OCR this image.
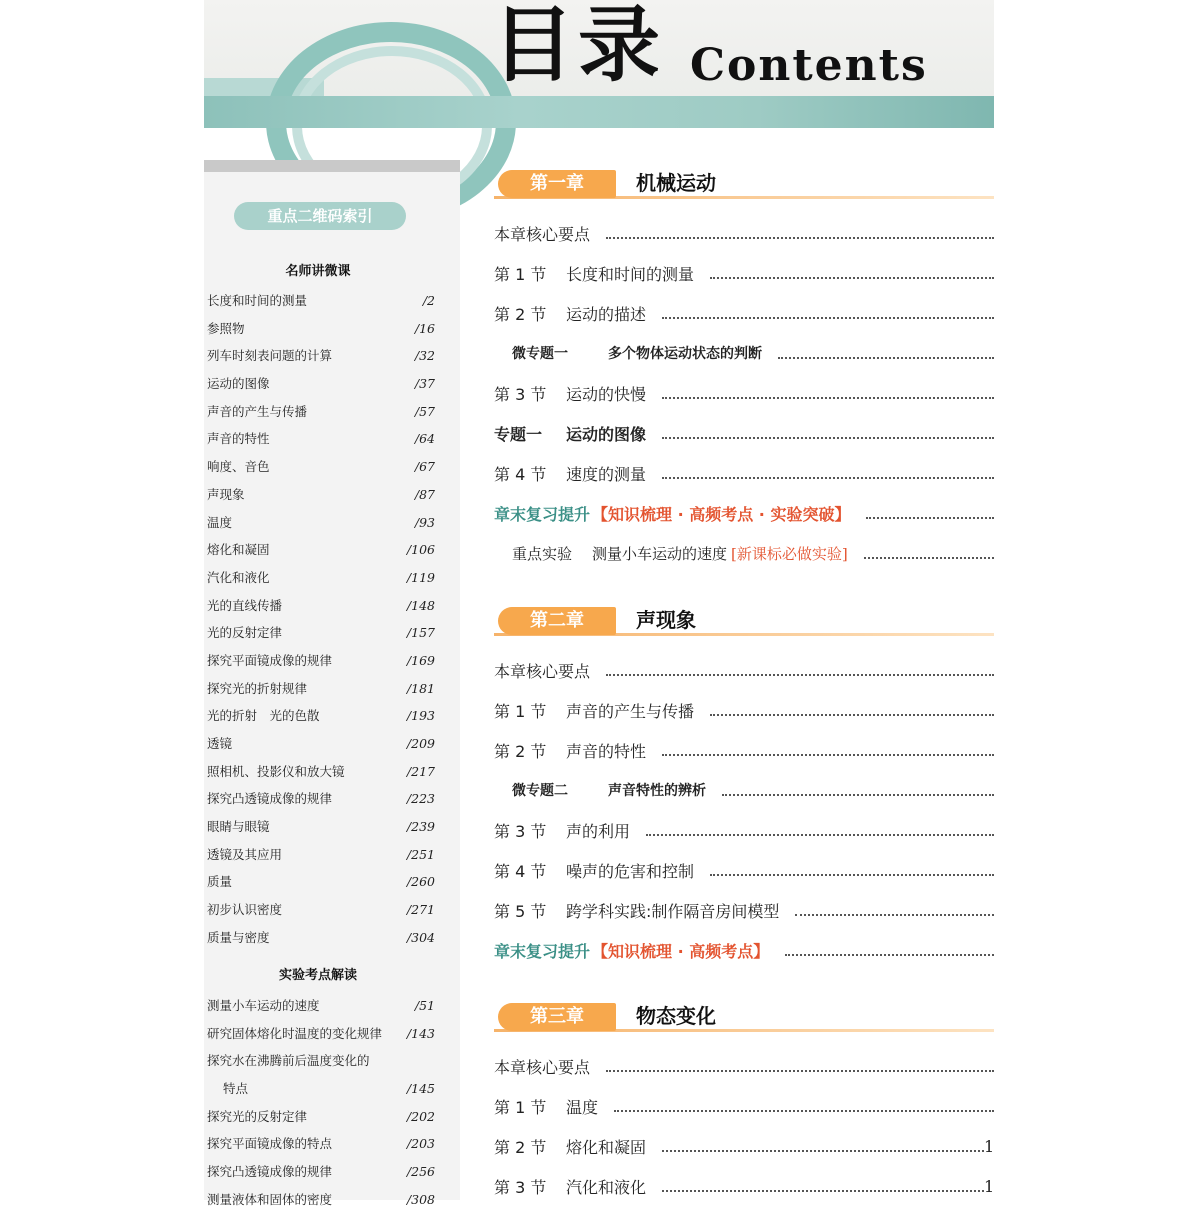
目录 Contents
重点二维码索引
名师讲微课
长度和时间的测量	/2
参照物	/16
列车时刻表问题的计算	/32
运动的图像	/37
声音的产生与传播	/57
声音的特性	/64
响度、音色	/67
声现象	/87
温度	/93
熔化和凝固	/106
汽化和液化	/119
光的直线传播	/148
光的反射定律	/157
探究平面镜成像的规律	/169
探究光的折射规律	/181
光的折射　光的色散	/193
透镜	/209
照相机、投影仪和放大镜	/217
探究凸透镜成像的规律	/223
眼睛与眼镜	/239
透镜及其应用	/251
质量	/260
初步认识密度	/271
质量与密度	/304
实验考点解读
测量小车运动的速度	/51
研究固体熔化时温度的变化规律 /143
探究水在沸腾前后温度变化的
特点	/145
探究光的反射定律	/202
探究平面镜成像的特点	/203
探究凸透镜成像的规律	/256
测量液体和固体的密度	/308
第一章	机械运动
本章核心要点
第 1 节	长度和时间的测量
第 2 节	运动的描述
微专题一	多个物体运动状态的判断
第 3 节	运动的快慢
专题一	运动的图像
第 4 节	速度的测量
章末复习提升 【知识梳理 · 高频考点 · 实验突破】
重点实验 测量小车运动的速度 [新课标必做实验]
第二章	声现象
本章核心要点
第 1 节	声音的产生与传播
第 2 节	声音的特性
微专题二	声音特性的辨析
第 3 节	声的利用
第 4 节	噪声的危害和控制
第 5 节	跨学科实践:制作隔音房间模型
章末复习提升 【知识梳理 · 高频考点】
第三章	物态变化
本章核心要点
第 1 节	温度
第 2 节	熔化和凝固	1
第 3 节	汽化和液化	1
